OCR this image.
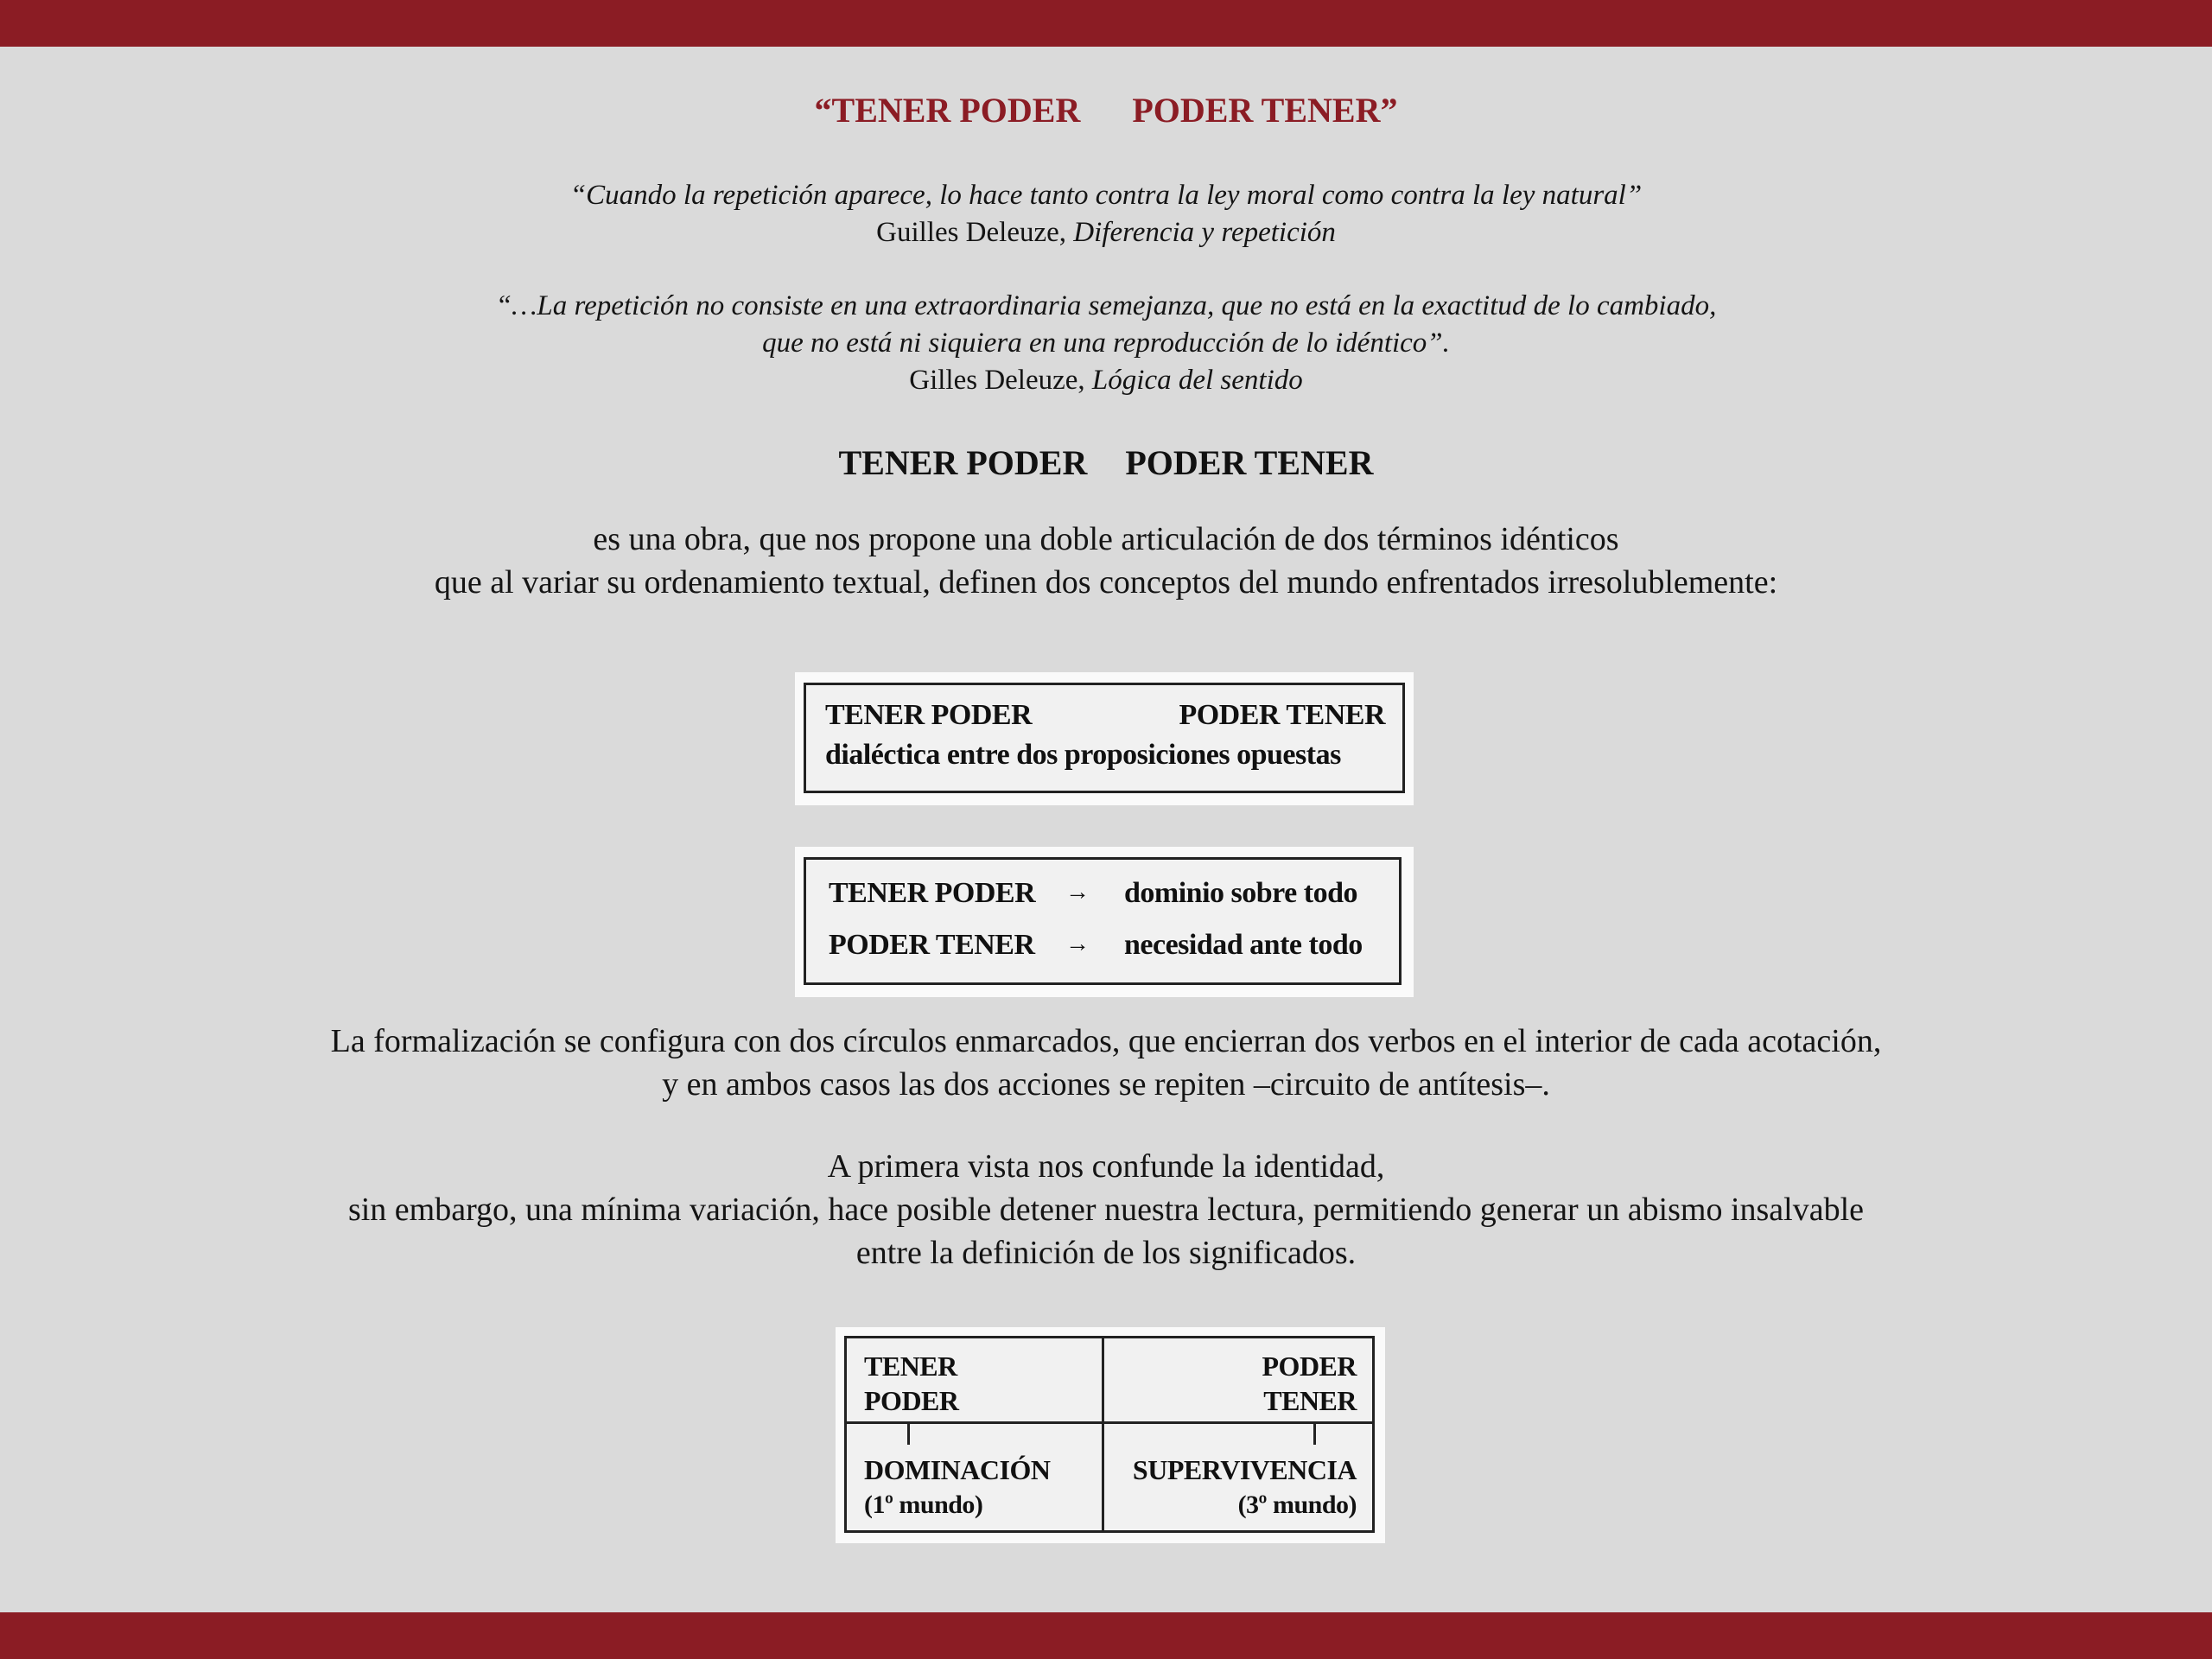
“TENER PODER PODER TENER”
“Cuando la repetición aparece, lo hace tanto contra la ley moral como contra la ley natural”
Guilles Deleuze, Diferencia y repetición
“…La repetición no consiste en una extraordinaria semejanza, que no está en la exactitud de lo cambiado,
que no está ni siquiera en una reproducción de lo idéntico”.
Gilles Deleuze, Lógica del sentido
TENER PODER PODER TENER
es una obra, que nos propone una doble articulación de dos términos idénticos
que al variar su ordenamiento textual, definen dos conceptos del mundo enfrentados irresolublemente:
TENER PODER	PODER TENER
dialéctica entre dos proposiciones opuestas
TENER PODER → dominio sobre todo
PODER TENER → necesidad ante todo
La formalización se configura con dos círculos enmarcados, que encierran dos verbos en el interior de cada acotación,
y en ambos casos las dos acciones se repiten –circuito de antítesis–.
A primera vista nos confunde la identidad,
sin embargo, una mínima variación, hace posible detener nuestra lectura, permitiendo generar un abismo insalvable
entre la definición de los significados.
TENER
PODER
PODER
TENER
DOMINACIÓN
(1º mundo)
SUPERVIVENCIA
(3º mundo)
